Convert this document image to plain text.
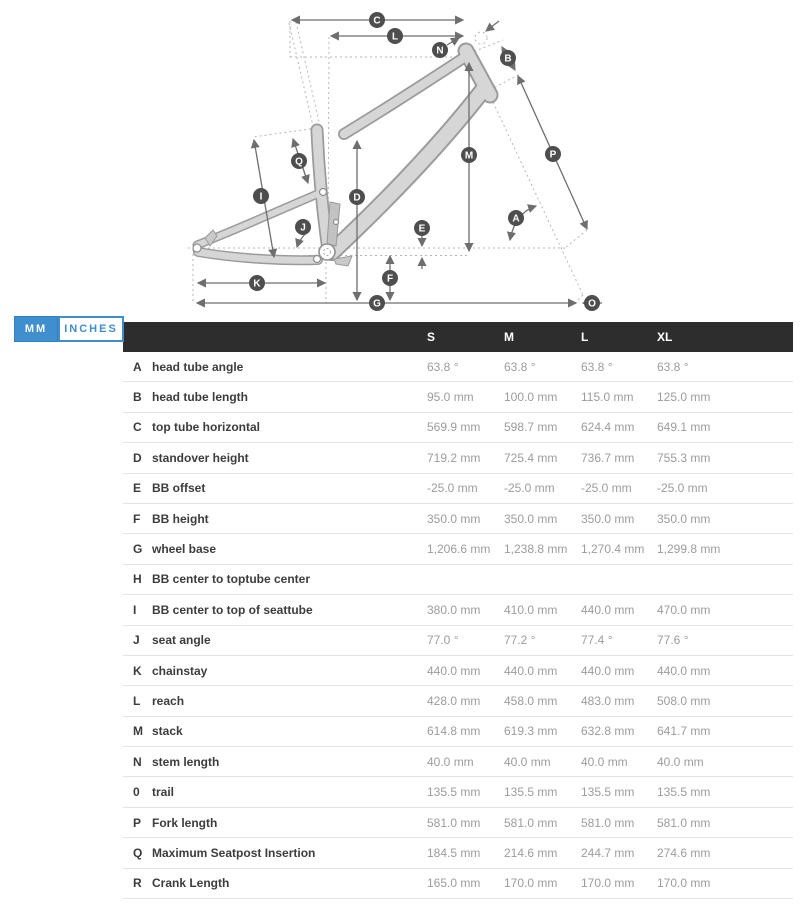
C
L
N
B
P
M
Q
I	D
A
J	E
K	F
G	O
MM	INCHES
S	M	L	XL
A head tube angle	63.8 °	63.8 °	63.8 °	63.8 °
B head tube length	95.0 mm	100.0 mm 115.0 mm 125.0 mm
C top tube horizontal	569.9 mm 598.7 mm 624.4 mm 649.1 mm
D standover height	719.2 mm 725.4 mm 736.7 mm 755.3 mm
E BB offset	-25.0 mm -25.0 mm -25.0 mm -25.0 mm
F BB height	350.0 mm 350.0 mm 350.0 mm 350.0 mm
G wheel base	1,206.6 mm 1,238.8 mm 1,270.4 mm 1,299.8 mm
H BB center to toptube center
I BB center to top of seattube	380.0 mm 410.0 mm 440.0 mm 470.0 mm
J seat angle	77.0 °	77.2 °	77.4 °	77.6 °
K chainstay	440.0 mm 440.0 mm 440.0 mm 440.0 mm
L reach	428.0 mm 458.0 mm 483.0 mm 508.0 mm
M stack	614.8 mm 619.3 mm 632.8 mm 641.7 mm
N stem length	40.0 mm	40.0 mm	40.0 mm 40.0 mm
0 trail	135.5 mm 135.5 mm 135.5 mm 135.5 mm
P Fork length	581.0 mm 581.0 mm 581.0 mm 581.0 mm
Q Maximum Seatpost Insertion	184.5 mm 214.6 mm 244.7 mm 274.6 mm
R Crank Length	165.0 mm 170.0 mm 170.0 mm 170.0 mm
